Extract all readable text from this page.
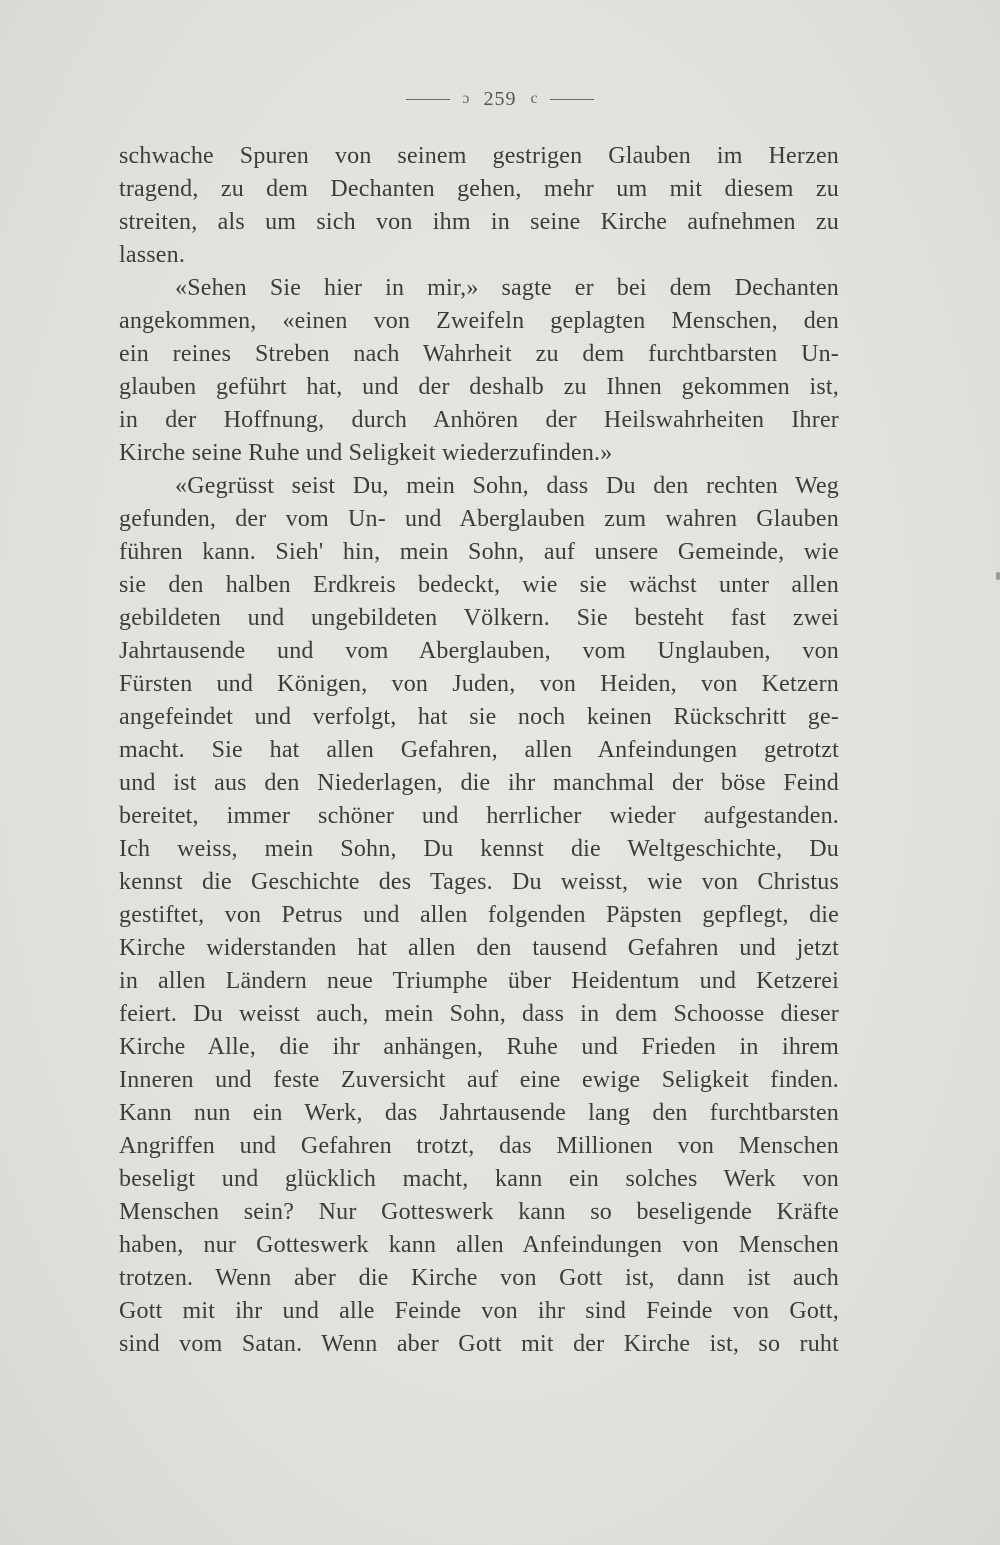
ɔ 259 c
schwache Spuren von seinem gestrigen Glauben im Herzen
tragend, zu dem Dechanten gehen, mehr um mit diesem zu
streiten, als um sich von ihm in seine Kirche aufnehmen zu
lassen.
«Sehen Sie hier in mir,» sagte er bei dem Dechanten
angekommen, «einen von Zweifeln geplagten Menschen, den
ein reines Streben nach Wahrheit zu dem furchtbarsten Un-
glauben geführt hat, und der deshalb zu Ihnen gekommen ist,
in der Hoffnung, durch Anhören der Heilswahrheiten Ihrer
Kirche seine Ruhe und Seligkeit wiederzufinden.»
«Gegrüsst seist Du, mein Sohn, dass Du den rechten Weg
gefunden, der vom Un- und Aberglauben zum wahren Glauben
führen kann. Sieh' hin, mein Sohn, auf unsere Gemeinde, wie
sie den halben Erdkreis bedeckt, wie sie wächst unter allen
gebildeten und ungebildeten Völkern. Sie besteht fast zwei
Jahrtausende und vom Aberglauben, vom Unglauben, von
Fürsten und Königen, von Juden, von Heiden, von Ketzern
angefeindet und verfolgt, hat sie noch keinen Rückschritt ge-
macht. Sie hat allen Gefahren, allen Anfeindungen getrotzt
und ist aus den Niederlagen, die ihr manchmal der böse Feind
bereitet, immer schöner und herrlicher wieder aufgestanden.
Ich weiss, mein Sohn, Du kennst die Weltgeschichte, Du
kennst die Geschichte des Tages. Du weisst, wie von Christus
gestiftet, von Petrus und allen folgenden Päpsten gepflegt, die
Kirche widerstanden hat allen den tausend Gefahren und jetzt
in allen Ländern neue Triumphe über Heidentum und Ketzerei
feiert. Du weisst auch, mein Sohn, dass in dem Schoosse dieser
Kirche Alle, die ihr anhängen, Ruhe und Frieden in ihrem
Inneren und feste Zuversicht auf eine ewige Seligkeit finden.
Kann nun ein Werk, das Jahrtausende lang den furchtbarsten
Angriffen und Gefahren trotzt, das Millionen von Menschen
beseligt und glücklich macht, kann ein solches Werk von
Menschen sein? Nur Gotteswerk kann so beseligende Kräfte
haben, nur Gotteswerk kann allen Anfeindungen von Menschen
trotzen. Wenn aber die Kirche von Gott ist, dann ist auch
Gott mit ihr und alle Feinde von ihr sind Feinde von Gott,
sind vom Satan. Wenn aber Gott mit der Kirche ist, so ruht
